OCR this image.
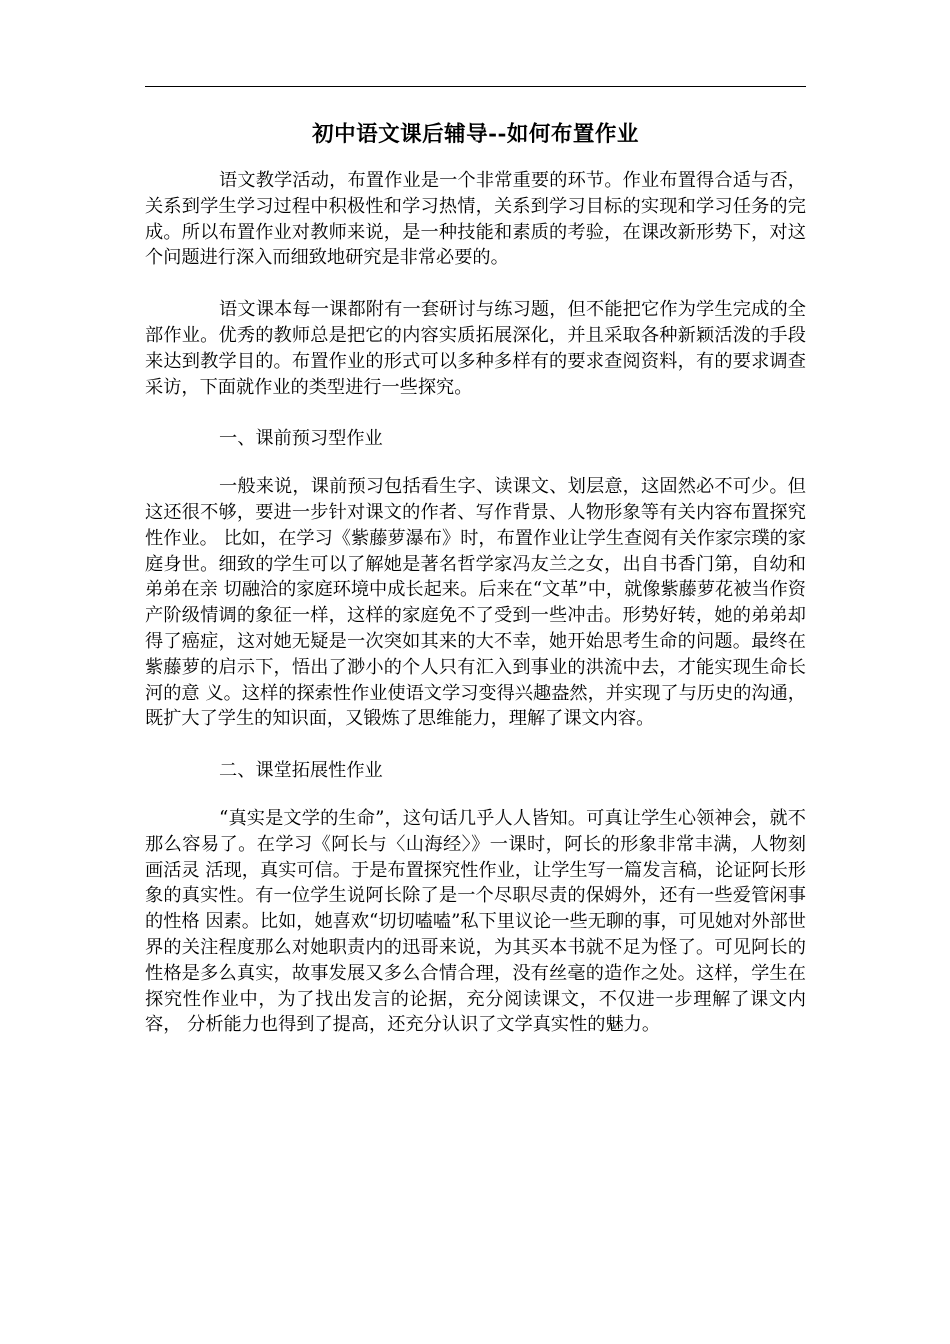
初中语文课后辅导--如何布置作业

语文教学活动，布置作业是一个非常重要的环节。作业布置得合适与否，关系到学生学习过程中积极性和学习热情，关系到学习目标的实现和学习任务的完成。所以布置作业对教师来说，是一种技能和素质的考验，在课改新形势下，对这个问题进行深入而细致地研究是非常必要的。

语文课本每一课都附有一套研讨与练习题，但不能把它作为学生完成的全部作业。优秀的教师总是把它的内容实质拓展深化，并且采取各种新颖活泼的手段来达到教学目的。布置作业的形式可以多种多样有的要求查阅资料，有的要求调查采访，下面就作业的类型进行一些探究。

一、课前预习型作业

一般来说，课前预习包括看生字、读课文、划层意，这固然必不可少。但这还很不够，要进一步针对课文的作者、写作背景、人物形象等有关内容布置探究性作业。 比如，在学习《紫藤萝瀑布》时，布置作业让学生查阅有关作家宗璞的家庭身世。细致的学生可以了解她是著名哲学家冯友兰之女，出自书香门第，自幼和弟弟在亲 切融洽的家庭环境中成长起来。后来在“文革”中，就像紫藤萝花被当作资产阶级情调的象征一样，这样的家庭免不了受到一些冲击。形势好转，她的弟弟却得了癌症，这对她无疑是一次突如其来的大不幸，她开始思考生命的问题。最终在紫藤萝的启示下，悟出了渺小的个人只有汇入到事业的洪流中去，才能实现生命长河的意 义。这样的探索性作业使语文学习变得兴趣盎然，并实现了与历史的沟通，既扩大了学生的知识面，又锻炼了思维能力，理解了课文内容。

二、课堂拓展性作业

“真实是文学的生命”，这句话几乎人人皆知。可真让学生心领神会，就不那么容易了。在学习《阿长与〈山海经〉》一课时，阿长的形象非常丰满，人物刻画活灵 活现，真实可信。于是布置探究性作业，让学生写一篇发言稿，论证阿长形象的真实性。有一位学生说阿长除了是一个尽职尽责的保姆外，还有一些爱管闲事的性格 因素。比如，她喜欢“切切嗑嗑”私下里议论一些无聊的事，可见她对外部世界的关注程度那么对她职责内的迅哥来说，为其买本书就不足为怪了。可见阿长的性格是多么真实，故事发展又多么合情合理，没有丝毫的造作之处。这样，学生在探究性作业中，为了找出发言的论据，充分阅读课文，不仅进一步理解了课文内容， 分析能力也得到了提高，还充分认识了文学真实性的魅力。
